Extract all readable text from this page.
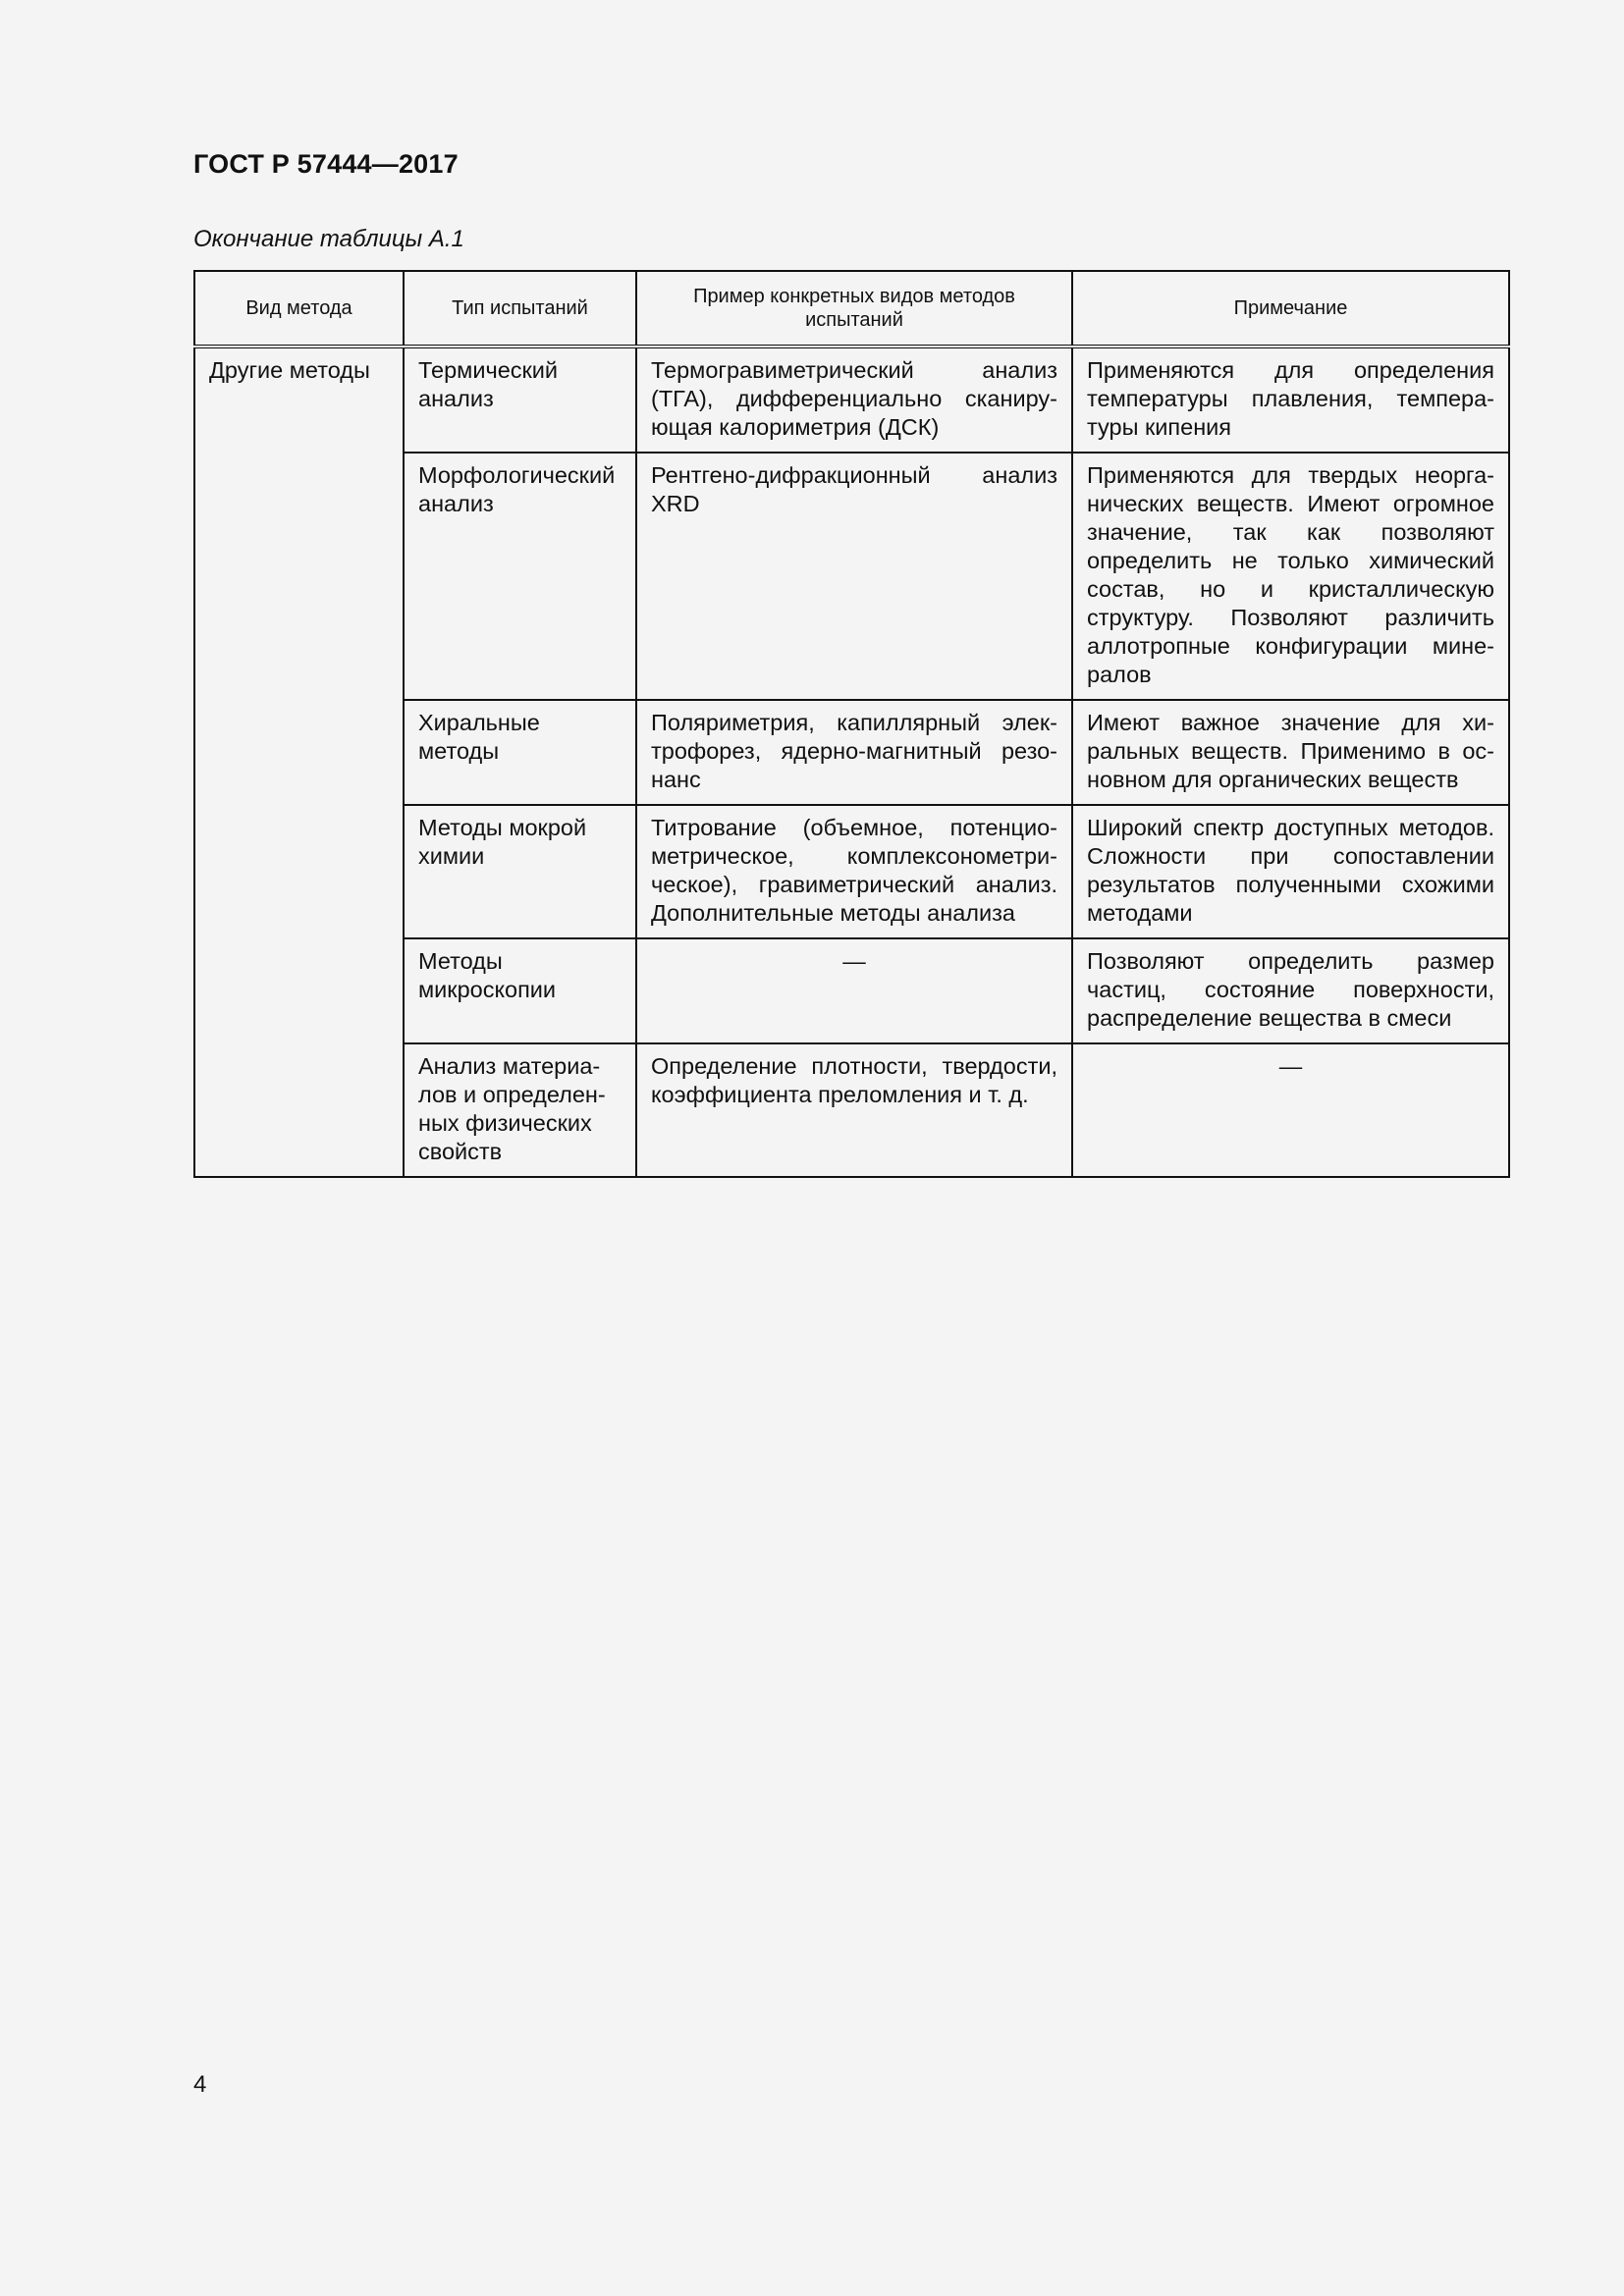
ГОСТ Р 57444—2017
Окончание таблицы А.1
Вид метода	Тип испытаний	Пример конкретных видов методов испытаний	Примечание
Другие методы	Термический анализ	Термогравиметрический анализ (ТГА), дифференциально сканирующая калориметрия (ДСК)	Применяются для определения температуры плавления, температуры кипения
	Морфологический анализ	Рентгено-дифракционный анализ XRD	Применяются для твердых неорганических веществ. Имеют огромное значение, так как позволяют определить не только химический состав, но и кристаллическую структуру. Позволяют различить аллотропные конфигурации минералов
	Хиральные методы	Поляриметрия, капиллярный электрофорез, ядерно-магнитный резонанс	Имеют важное значение для хиральных веществ. Применимо в основном для органических веществ
	Методы мокрой химии	Титрование (объемное, потенциометрическое, комплексонометрическое), гравиметрический анализ. Дополнительные методы анализа	Широкий спектр доступных методов. Сложности при сопоставлении результатов полученными схожими методами
	Методы микроскопии	—	Позволяют определить размер частиц, состояние поверхности, распределение вещества в смеси
	Анализ материалов и определенных физических свойств	Определение плотности, твердости, коэффициента преломления и т. д.	—
4
